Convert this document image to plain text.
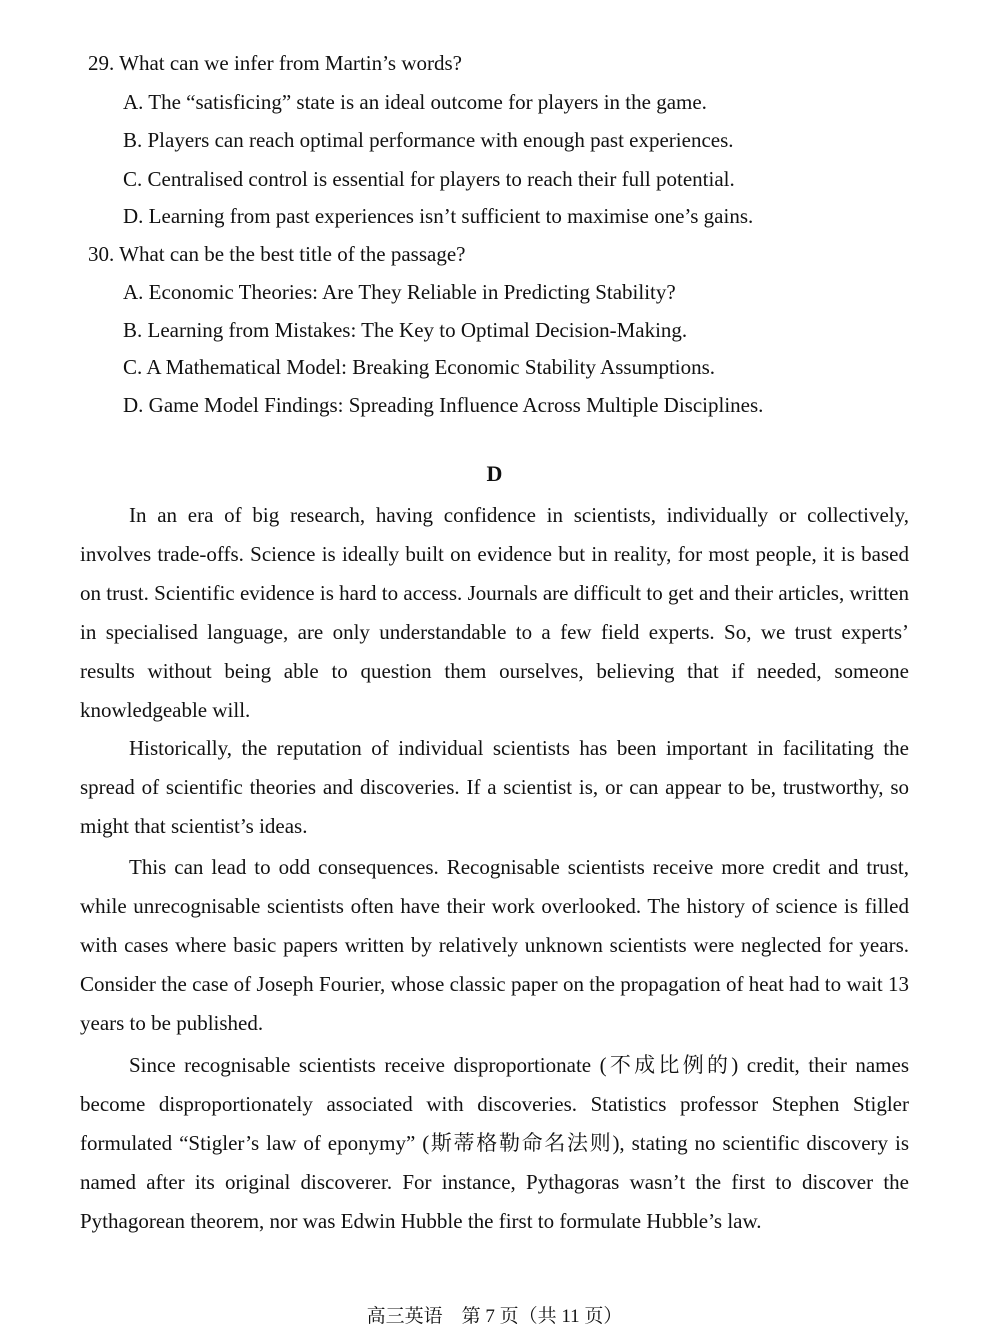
29. What can we infer from Martin’s words?
A. The “satisficing” state is an ideal outcome for players in the game.
B. Players can reach optimal performance with enough past experiences.
C. Centralised control is essential for players to reach their full potential.
D. Learning from past experiences isn’t sufficient to maximise one’s gains.
30. What can be the best title of the passage?
A. Economic Theories: Are They Reliable in Predicting Stability?
B. Learning from Mistakes: The Key to Optimal Decision-Making.
C. A Mathematical Model: Breaking Economic Stability Assumptions.
D. Game Model Findings: Spreading Influence Across Multiple Disciplines.
D
In an era of big research, having confidence in scientists, individually or collectively, involves trade-offs. Science is ideally built on evidence but in reality, for most people, it is based on trust. Scientific evidence is hard to access. Journals are difficult to get and their articles, written in specialised language, are only understandable to a few field experts. So, we trust experts’ results without being able to question them ourselves, believing that if needed, someone knowledgeable will.
Historically, the reputation of individual scientists has been important in facilitating the spread of scientific theories and discoveries. If a scientist is, or can appear to be, trustworthy, so might that scientist’s ideas.
This can lead to odd consequences. Recognisable scientists receive more credit and trust, while unrecognisable scientists often have their work overlooked. The history of science is filled with cases where basic papers written by relatively unknown scientists were neglected for years. Consider the case of Joseph Fourier, whose classic paper on the propagation of heat had to wait 13 years to be published.
Since recognisable scientists receive disproportionate (不成比例的) credit, their names become disproportionately associated with discoveries. Statistics professor Stephen Stigler formulated “Stigler’s law of eponymy” (斯蒂格勒命名法则), stating no scientific discovery is named after its original discoverer. For instance, Pythagoras wasn’t the first to discover the Pythagorean theorem, nor was Edwin Hubble the first to formulate Hubble’s law.
高三英语　第 7 页（共 11 页）
